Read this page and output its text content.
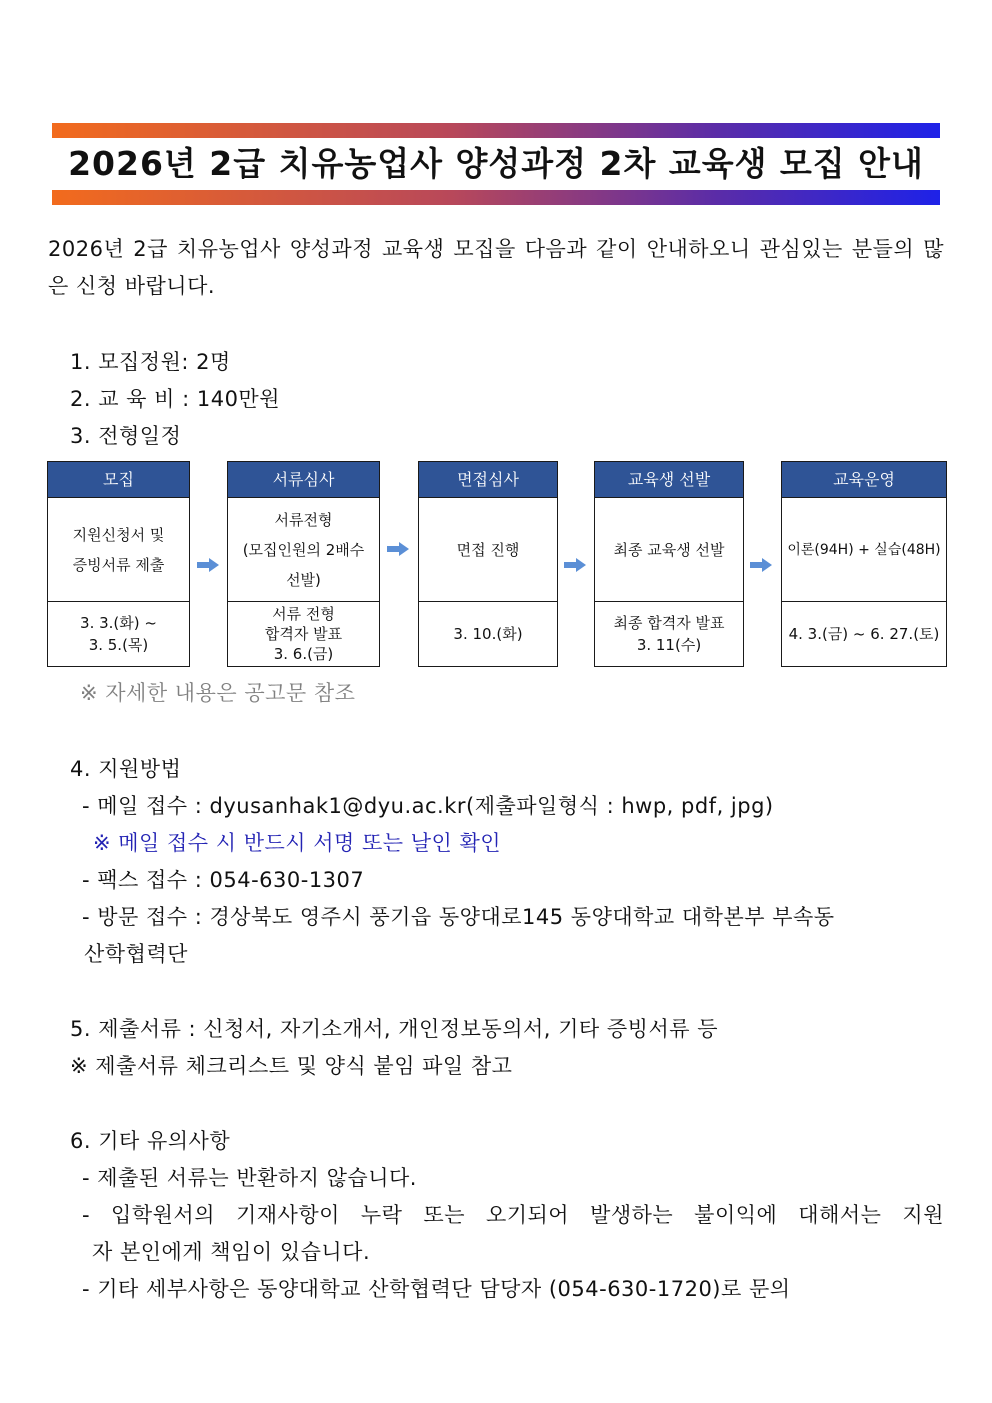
2026년 2급 치유농업사 양성과정 2차 교육생 모집 안내
2026년 2급 치유농업사 양성과정 교육생 모집을 다음과 같이 안내하오니 관심있는 분들의 많은 신청 바랍니다.
1. 모집정원: 2명
2. 교 육 비 : 140만원
3. 전형일정
모집
지원신청서 및
증빙서류 제출
3. 3.(화) ~
3. 5.(목)
서류심사
서류전형
(모집인원의 2배수
선발)
서류 전형
합격자 발표
3. 6.(금)
면접심사
면접 진행
3. 10.(화)
교육생 선발
최종 교육생 선발
최종 합격자 발표
3. 11(수)
교육운영
이론(94H) + 실습(48H)
4. 3.(금) ~ 6. 27.(토)
※ 자세한 내용은 공고문 참조
4. 지원방법
- 메일 접수 : dyusanhak1@dyu.ac.kr(제출파일형식 : hwp, pdf, jpg)
※ 메일 접수 시 반드시 서명 또는 날인 확인
- 팩스 접수 : 054-630-1307
- 방문 접수 : 경상북도 영주시 풍기읍 동양대로145 동양대학교 대학본부 부속동
산학협력단
5. 제출서류 : 신청서, 자기소개서, 개인정보동의서, 기타 증빙서류 등
※ 제출서류 체크리스트 및 양식 붙임 파일 참고
6. 기타 유의사항
- 제출된 서류는 반환하지 않습니다.
- 입학원서의 기재사항이 누락 또는 오기되어 발생하는 불이익에 대해서는 지원
자 본인에게 책임이 있습니다.
- 기타 세부사항은 동양대학교 산학협력단 담당자 (054-630-1720)로 문의
